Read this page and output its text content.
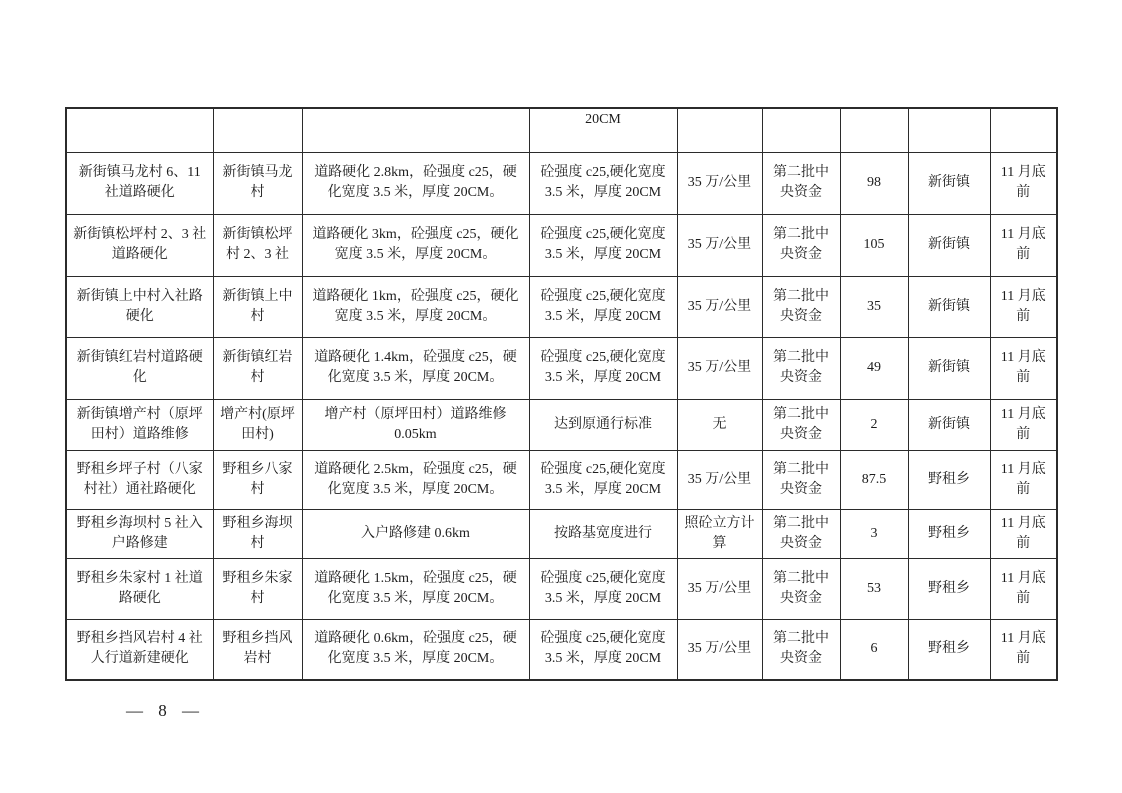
			20CM					
新街镇马龙村 6、11 社道路硬化	新街镇马龙村	道路硬化 2.8km，砼强度 c25，硬化宽度 3.5 米，厚度 20CM。	砼强度 c25,硬化宽度 3.5 米，厚度 20CM	35 万/公里	第二批中央资金	98	新街镇	11 月底前
新街镇松坪村 2、3 社道路硬化	新街镇松坪村 2、3 社	道路硬化 3km，砼强度 c25，硬化宽度 3.5 米，厚度 20CM。	砼强度 c25,硬化宽度 3.5 米，厚度 20CM	35 万/公里	第二批中央资金	105	新街镇	11 月底前
新街镇上中村入社路硬化	新街镇上中村	道路硬化 1km，砼强度 c25，硬化宽度 3.5 米，厚度 20CM。	砼强度 c25,硬化宽度 3.5 米，厚度 20CM	35 万/公里	第二批中央资金	35	新街镇	11 月底前
新街镇红岩村道路硬化	新街镇红岩村	道路硬化 1.4km，砼强度 c25，硬化宽度 3.5 米，厚度 20CM。	砼强度 c25,硬化宽度 3.5 米，厚度 20CM	35 万/公里	第二批中央资金	49	新街镇	11 月底前
新街镇增产村（原坪田村）道路维修	增产村(原坪田村)	增产村（原坪田村）道路维修 0.05km	达到原通行标准	无	第二批中央资金	2	新街镇	11 月底前
野租乡坪子村（八家村社）通社路硬化	野租乡八家村	道路硬化 2.5km，砼强度 c25，硬化宽度 3.5 米，厚度 20CM。	砼强度 c25,硬化宽度 3.5 米，厚度 20CM	35 万/公里	第二批中央资金	87.5	野租乡	11 月底前
野租乡海坝村 5 社入户路修建	野租乡海坝村	入户路修建 0.6km	按路基宽度进行	照砼立方计算	第二批中央资金	3	野租乡	11 月底前
野租乡朱家村 1 社道路硬化	野租乡朱家村	道路硬化 1.5km，砼强度 c25，硬化宽度 3.5 米，厚度 20CM。	砼强度 c25,硬化宽度 3.5 米，厚度 20CM	35 万/公里	第二批中央资金	53	野租乡	11 月底前
野租乡挡风岩村 4 社人行道新建硬化	野租乡挡风岩村	道路硬化 0.6km，砼强度 c25，硬化宽度 3.5 米，厚度 20CM。	砼强度 c25,硬化宽度 3.5 米，厚度 20CM	35 万/公里	第二批中央资金	6	野租乡	11 月底前
— 8 —
